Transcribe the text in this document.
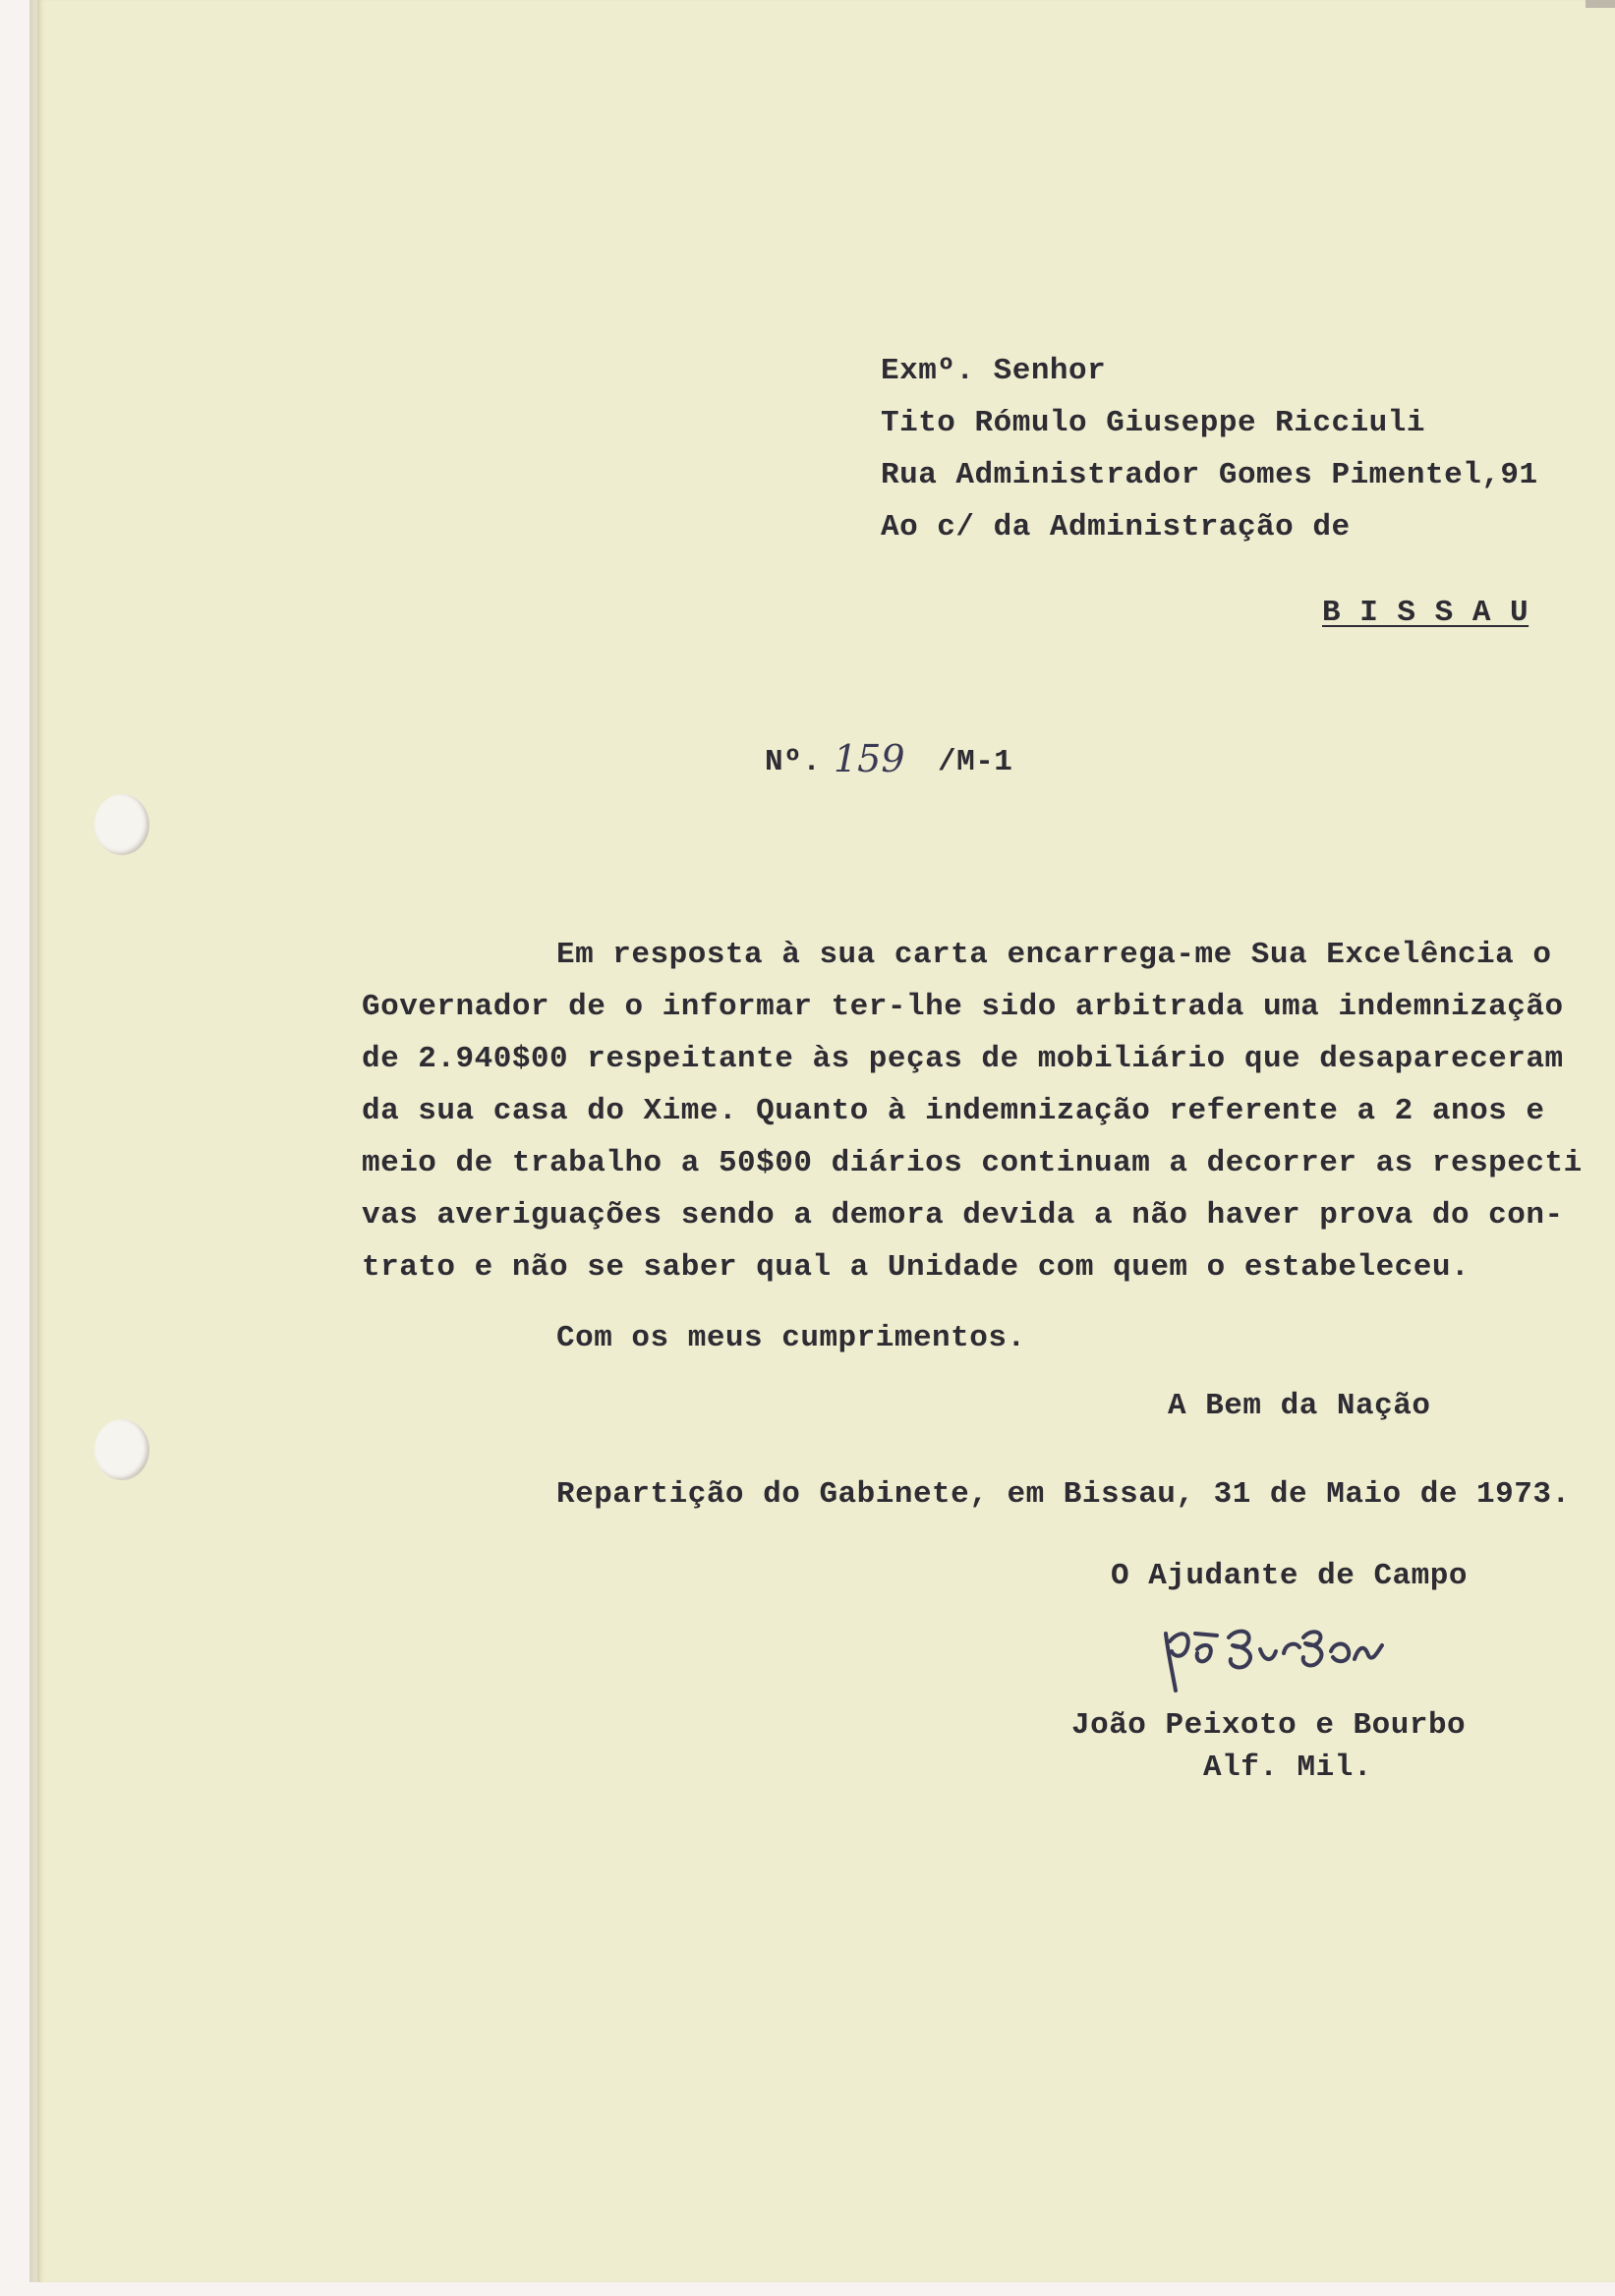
Exmº. Senhor
Tito Rómulo Giuseppe Ricciuli
Rua Administrador Gomes Pimentel,91
Ao c/ da Administração de
B I S S A U
Nº. 159 /M-1
Em resposta à sua carta encarrega-me Sua Excelência o
Governador de o informar ter-lhe sido arbitrada uma indemnização
de 2.940$00 respeitante às peças de mobiliário que desapareceram
da sua casa do Xime. Quanto à indemnização referente a 2 anos e
meio de trabalho a 50$00 diários continuam a decorrer as respecti
vas averiguações sendo a demora devida a não haver prova do con-
trato e não se saber qual a Unidade com quem o estabeleceu.
Com os meus cumprimentos.
A Bem da Nação
Repartição do Gabinete, em Bissau, 31 de Maio de 1973.
O Ajudante de Campo
João Peixoto e Bourbo
Alf. Mil.
